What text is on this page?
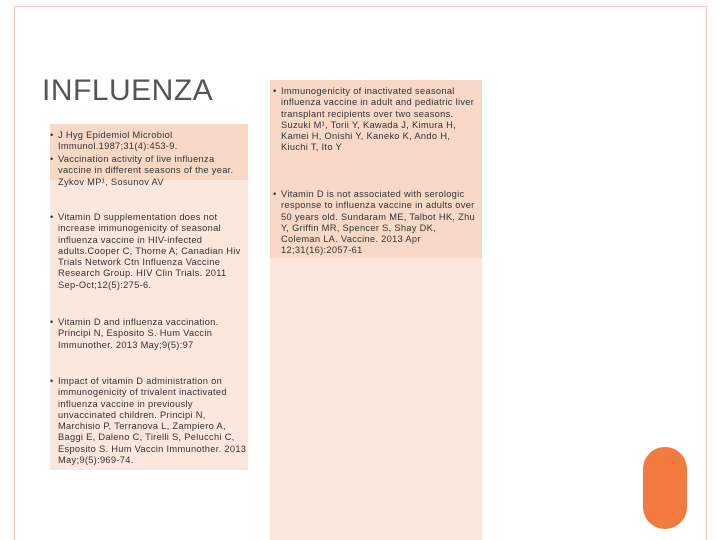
INFLUENZA
• J Hyg Epidemiol Microbiol Immunol.1987;31(4):453-9.
• Vaccination activity of live influenza vaccine in different seasons of the year. Zykov MP¹, Sosunov AV
• Vitamin D supplementation does not increase immunogenicity of seasonal influenza vaccine in HIV-infected adults.Cooper C, Thorne A; Canadian Hiv Trials Network Ctn Influenza Vaccine Research Group. HIV Clin Trials. 2011 Sep-Oct;12(5):275-6.
• Vitamin D and influenza vaccination. Principi N, Esposito S. Hum Vaccin Immunother. 2013 May;9(5):97
• Impact of vitamin D administration on immunogenicity of trivalent inactivated influenza vaccine in previously unvaccinated children. Principi N, Marchisio P, Terranova L, Zampiero A, Baggi E, Daleno C, Tirelli S, Pelucchi C, Esposito S. Hum Vaccin Immunother. 2013 May;9(5):969-74.
• Immunogenicity of inactivated seasonal influenza vaccine in adult and pediatric liver transplant recipients over two seasons. Suzuki M¹, Torii Y, Kawada J, Kimura H, Kamei H, Onishi Y, Kaneko K, Ando H, Kiuchi T, Ito Y
• Vitamin D is not associated with serologic response to influenza vaccine in adults over 50 years old. Sundaram ME, Talbot HK, Zhu Y, Griffin MR, Spencer S, Shay DK, Coleman LA. Vaccine. 2013 Apr 12;31(16):2057-61
